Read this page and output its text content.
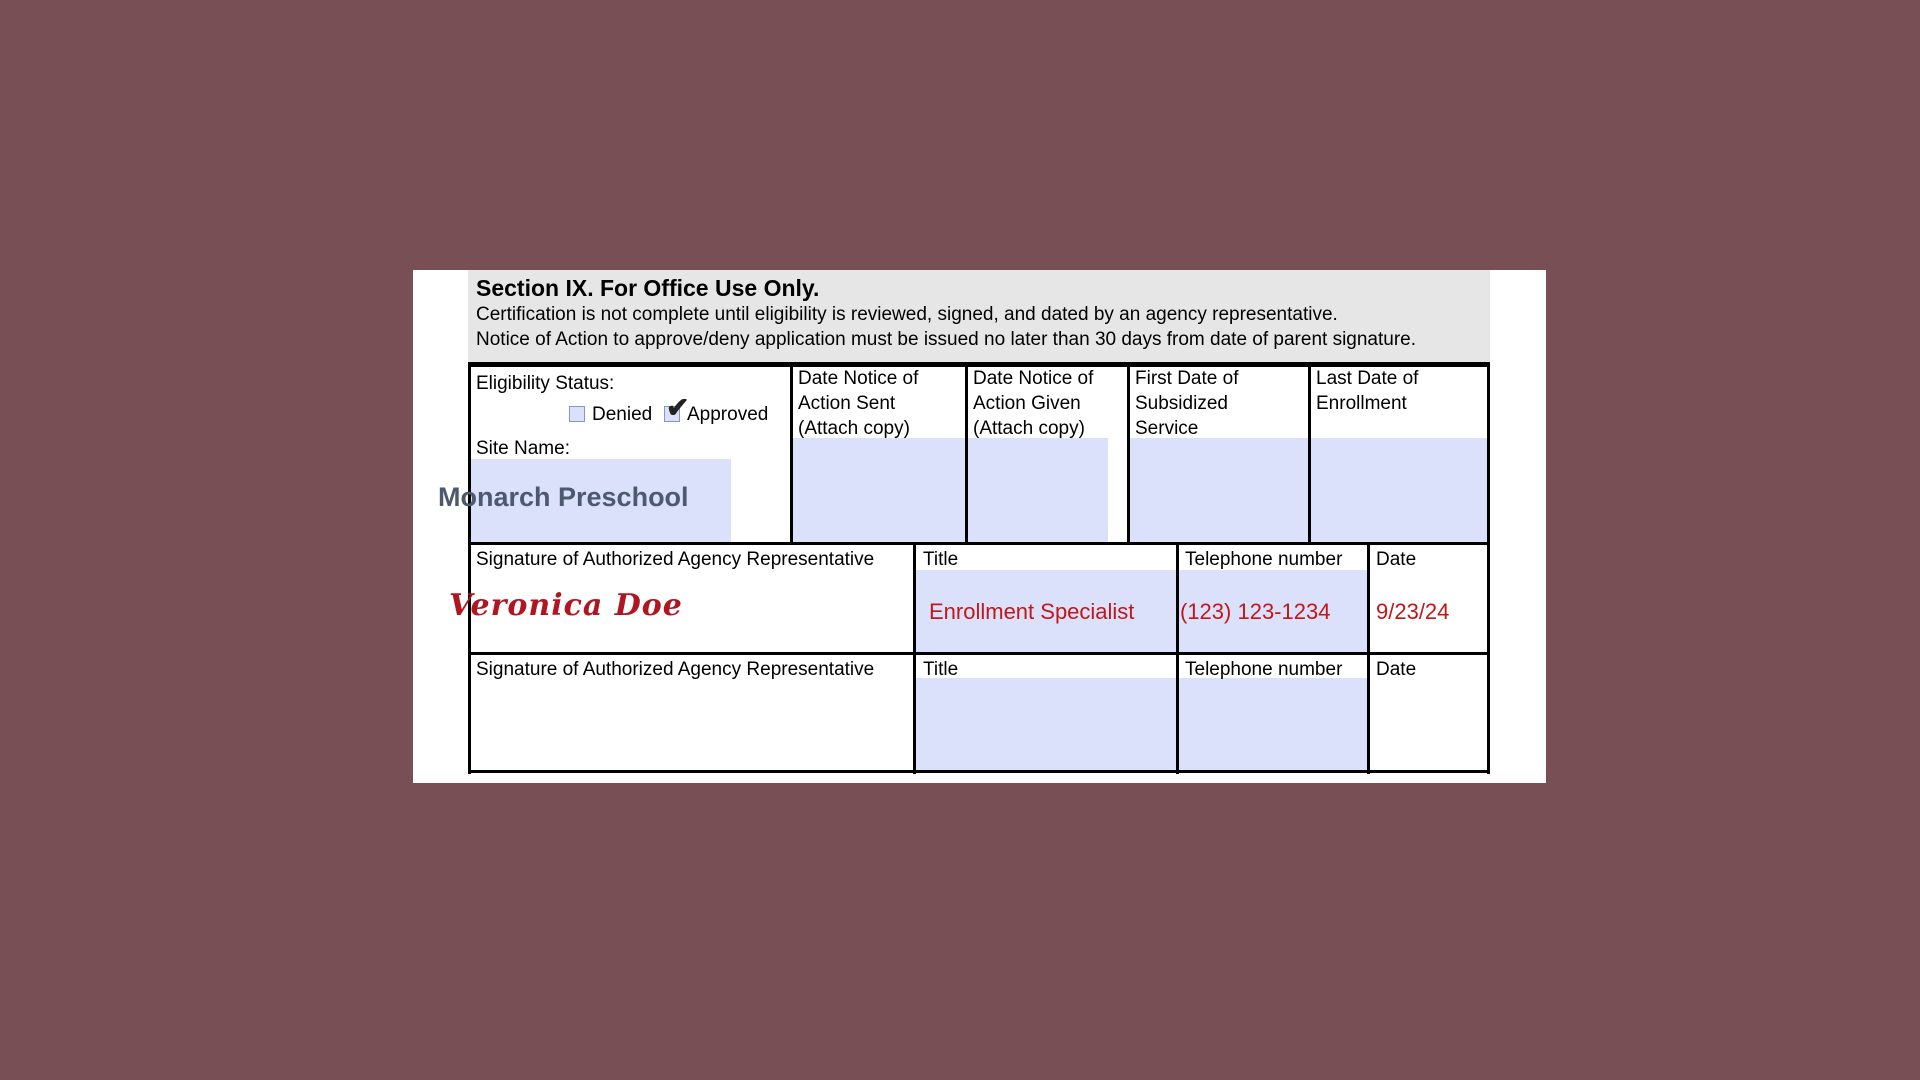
Section IX. For Office Use Only.
Certification is not complete until eligibility is reviewed, signed, and dated by an agency representative.
Notice of Action to approve/deny application must be issued no later than 30 days from date of parent signature.
Eligibility Status:
Denied ✔
Approved
Site Name:
Monarch Preschool
Date Notice of
Action Sent
(Attach copy)
Date Notice of
Action Given
(Attach copy)
First Date of
Subsidized
Service
Last Date of
Enrollment
Signature of Authorized Agency Representative
Veronica Doe
Title
Enrollment Specialist
Telephone number
(123) 123-1234
Date
9/23/24
Signature of Authorized Agency Representative	Title	Telephone number Date
